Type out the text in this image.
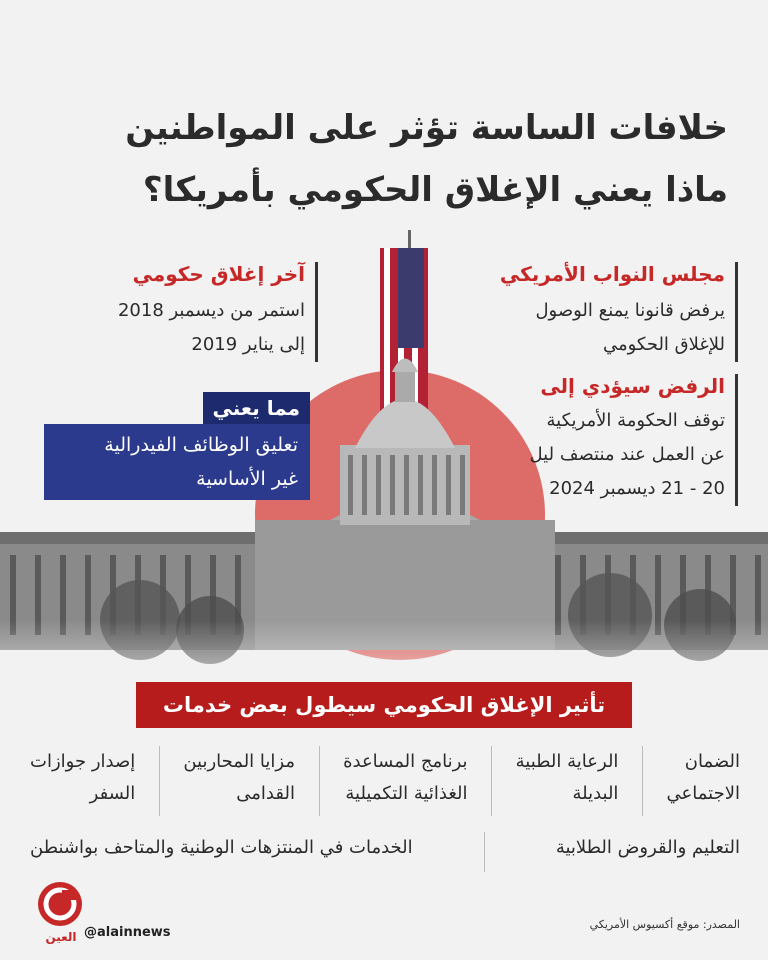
خلافات الساسة تؤثر على المواطنين
ماذا يعني الإغلاق الحكومي بأمريكا؟
مجلس النواب الأمريكي
يرفض قانونا يمنع الوصول
للإغلاق الحكومي
الرفض سيؤدي إلى
توقف الحكومة الأمريكية
عن العمل عند منتصف ليل
20 - 21 ديسمبر 2024
آخر إغلاق حكومي
استمر من ديسمبر 2018
إلى يناير 2019
مما يعني
تعليق الوظائف الفيدرالية
غير الأساسية
تأثير الإغلاق الحكومي سيطول بعض خدمات
الضمان
الاجتماعي
الرعاية الطبية
البديلة
برنامج المساعدة
الغذائية التكميلية
مزايا المحاربين
القدامى
إصدار جوازات
السفر
التعليم والقروض الطلابية
الخدمات في المنتزهات الوطنية والمتاحف بواشنطن
المصدر: موقع أكسيوس الأمريكي
العين @alainnews
